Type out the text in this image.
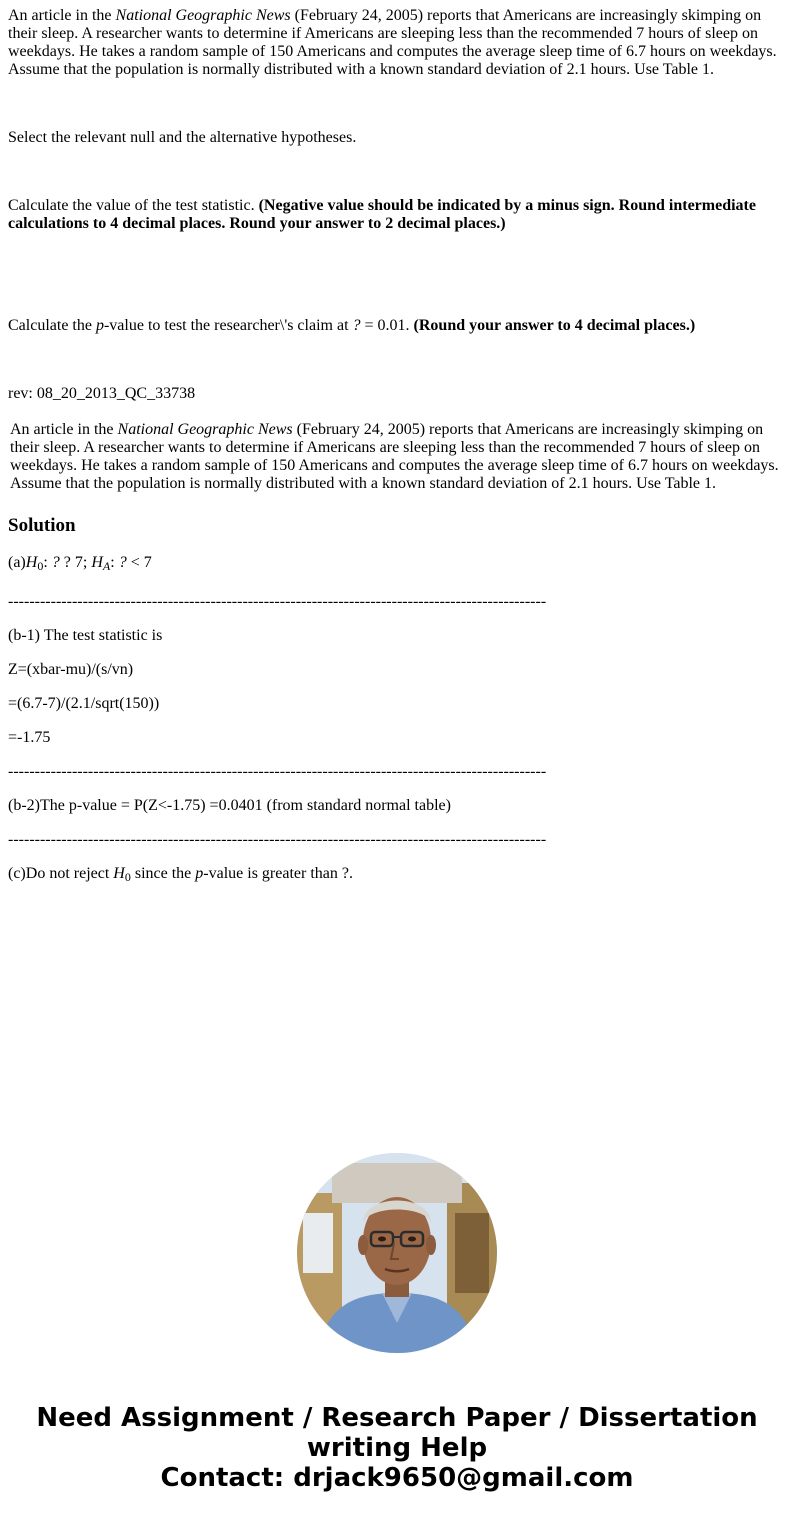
An article in the National Geographic News (February 24, 2005) reports that Americans are increasingly skimping on their sleep. A researcher wants to determine if Americans are sleeping less than the recommended 7 hours of sleep on weekdays. He takes a random sample of 150 Americans and computes the average sleep time of 6.7 hours on weekdays. Assume that the population is normally distributed with a known standard deviation of 2.1 hours. Use Table 1.

Select the relevant null and the alternative hypotheses.

Calculate the value of the test statistic. (Negative value should be indicated by a minus sign. Round intermediate calculations to 4 decimal places. Round your answer to 2 decimal places.)

Calculate the p-value to test the researcher\'s claim at ? = 0.01. (Round your answer to 4 decimal places.)

rev: 08_20_2013_QC_33738

An article in the National Geographic News (February 24, 2005) reports that Americans are increasingly skimping on their sleep. A researcher wants to determine if Americans are sleeping less than the recommended 7 hours of sleep on weekdays. He takes a random sample of 150 Americans and computes the average sleep time of 6.7 hours on weekdays. Assume that the population is normally distributed with a known standard deviation of 2.1 hours. Use Table 1.

Solution

$(a)H_0$: ? ? 7; $H_A$: ? < 7

-----------------------------------------------------------------------------------------------------

(b-1) The test statistic is

Z=(xbar-mu)/(s/vn)

=(6.7-7)/(2.1/sqrt(150))

=-1.75

-----------------------------------------------------------------------------------------------------

(b-2)The p-value = P(Z<-1.75) =0.0401 (from standard normal table)

-----------------------------------------------------------------------------------------------------

(c)Do not reject $H_0$ since the p-value is greater than ?.

Need Assignment / Research Paper / Dissertation
writing Help
Contact: drjack9650@gmail.com
